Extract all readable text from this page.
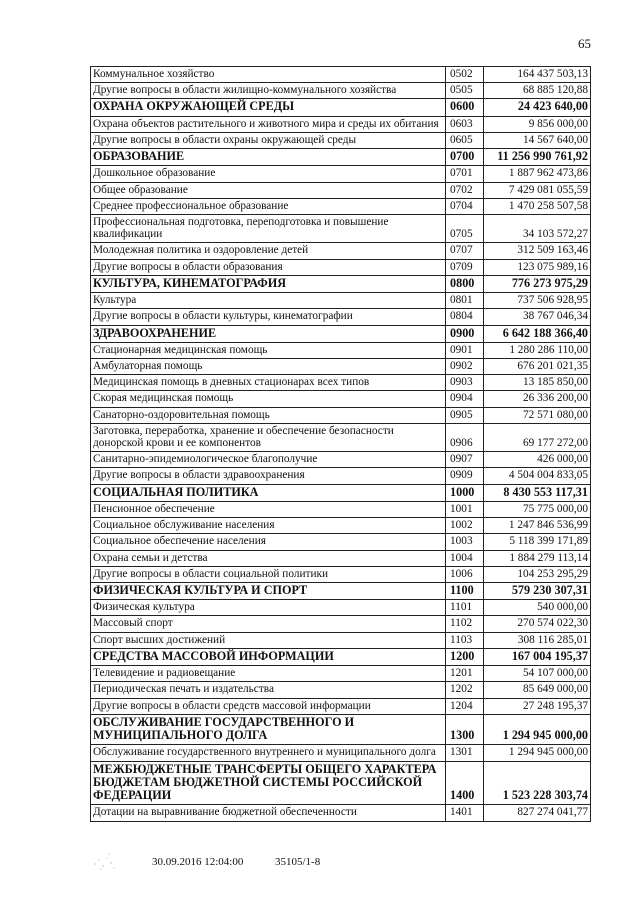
65
Коммунальное хозяйство	0502	164 437 503,13
Другие вопросы в области жилищно-коммунального хозяйства	0505	68 885 120,88
ОХРАНА ОКРУЖАЮЩЕЙ СРЕДЫ	0600	24 423 640,00
Охрана объектов растительного и животного мира и среды их обитания	0603	9 856 000,00
Другие вопросы в области охраны окружающей среды	0605	14 567 640,00
ОБРАЗОВАНИЕ	0700	11 256 990 761,92
Дошкольное образование	0701	1 887 962 473,86
Общее образование	0702	7 429 081 055,59
Среднее профессиональное образование	0704	1 470 258 507,58
Профессиональная подготовка, переподготовка и повышение квалификации	0705	34 103 572,27
Молодежная политика и оздоровление детей	0707	312 509 163,46
Другие вопросы в области образования	0709	123 075 989,16
КУЛЬТУРА, КИНЕМАТОГРАФИЯ	0800	776 273 975,29
Культура	0801	737 506 928,95
Другие вопросы в области культуры, кинематографии	0804	38 767 046,34
ЗДРАВООХРАНЕНИЕ	0900	6 642 188 366,40
Стационарная медицинская помощь	0901	1 280 286 110,00
Амбулаторная помощь	0902	676 201 021,35
Медицинская помощь в дневных стационарах всех типов	0903	13 185 850,00
Скорая медицинская помощь	0904	26 336 200,00
Санаторно-оздоровительная помощь	0905	72 571 080,00
Заготовка, переработка, хранение и обеспечение безопасности донорской крови и ее компонентов	0906	69 177 272,00
Санитарно-эпидемиологическое благополучие	0907	426 000,00
Другие вопросы в области здравоохранения	0909	4 504 004 833,05
СОЦИАЛЬНАЯ ПОЛИТИКА	1000	8 430 553 117,31
Пенсионное обеспечение	1001	75 775 000,00
Социальное обслуживание населения	1002	1 247 846 536,99
Социальное обеспечение населения	1003	5 118 399 171,89
Охрана семьи и детства	1004	1 884 279 113,14
Другие вопросы в области социальной политики	1006	104 253 295,29
ФИЗИЧЕСКАЯ КУЛЬТУРА И СПОРТ	1100	579 230 307,31
Физическая культура	1101	540 000,00
Массовый спорт	1102	270 574 022,30
Спорт высших достижений	1103	308 116 285,01
СРЕДСТВА МАССОВОЙ ИНФОРМАЦИИ	1200	167 004 195,37
Телевидение и радиовещание	1201	54 107 000,00
Периодическая печать и издательства	1202	85 649 000,00
Другие вопросы в области средств массовой информации	1204	27 248 195,37
ОБСЛУЖИВАНИЕ ГОСУДАРСТВЕННОГО И МУНИЦИПАЛЬНОГО ДОЛГА	1300	1 294 945 000,00
Обслуживание государственного внутреннего и муниципального долга	1301	1 294 945 000,00
МЕЖБЮДЖЕТНЫЕ ТРАНСФЕРТЫ ОБЩЕГО ХАРАКТЕРА БЮДЖЕТАМ БЮДЖЕТНОЙ СИСТЕМЫ РОССИЙСКОЙ ФЕДЕРАЦИИ	1400	1 523 228 303,74
Дотации на выравнивание бюджетной обеспеченности	1401	827 274 041,77
30.09.2016 12:04:00	35105/1-8
